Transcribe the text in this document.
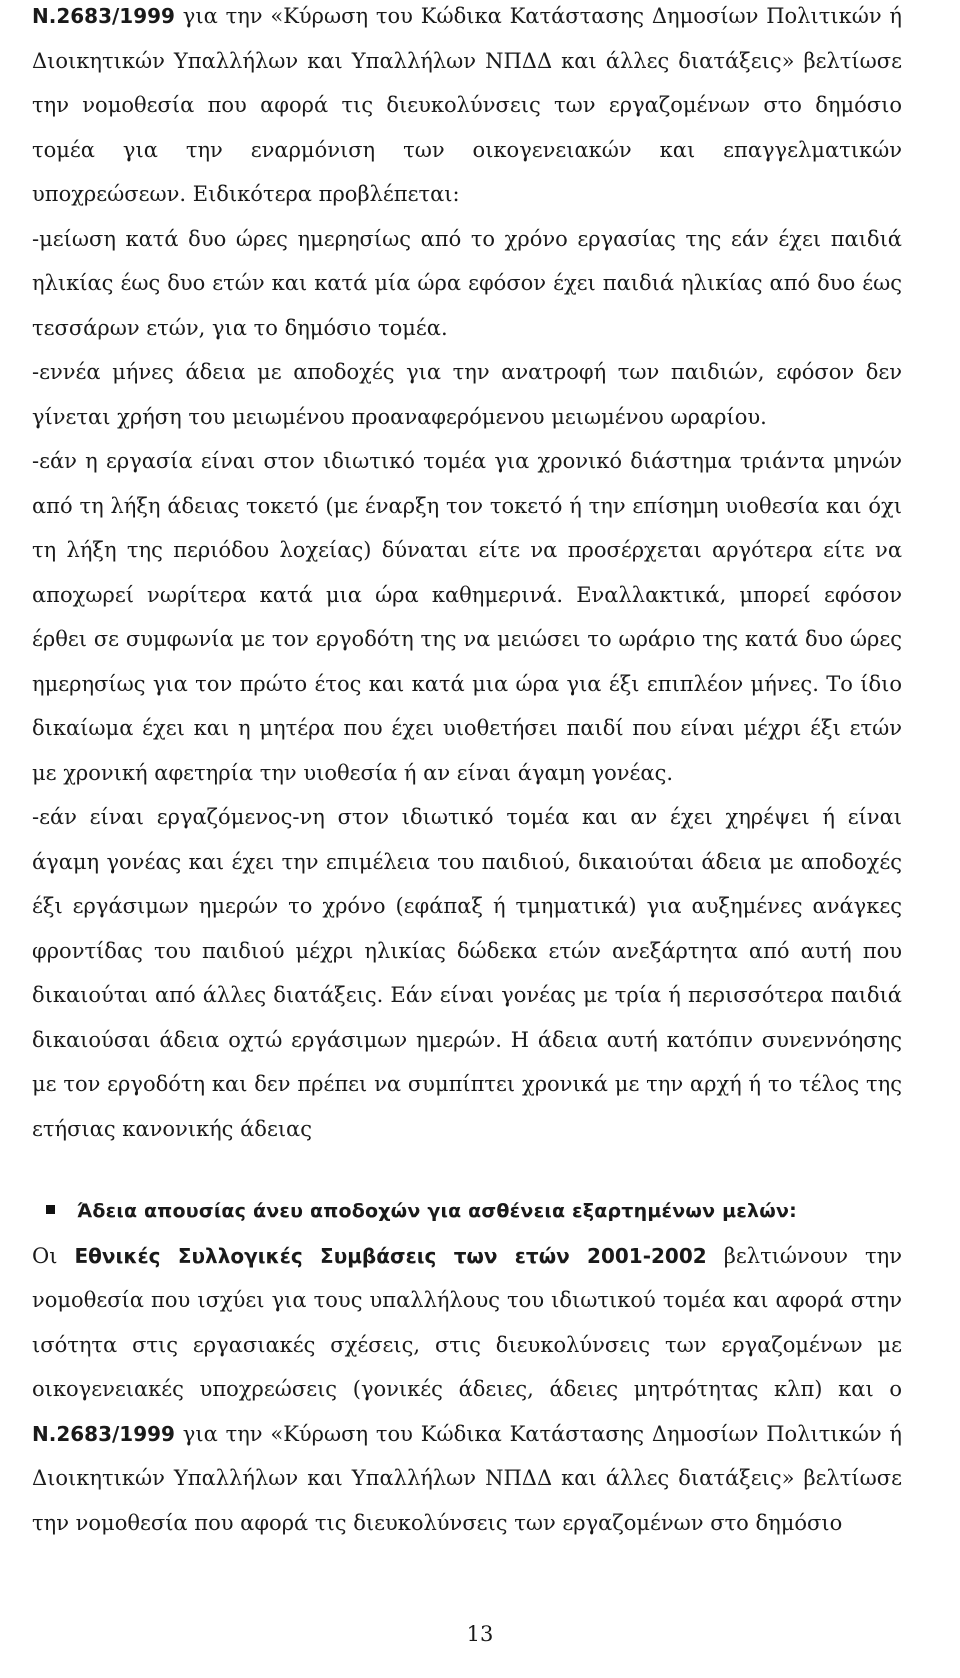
Ν.2683/1999 για την «Κύρωση του Κώδικα Κατάστασης Δημοσίων Πολιτικών ή Διοικητικών Υπαλλήλων και Υπαλλήλων ΝΠΔΔ και άλλες διατάξεις» βελτίωσε την νομοθεσία που αφορά τις διευκολύνσεις των εργαζομένων στο δημόσιο τομέα για την εναρμόνιση των οικογενειακών και επαγγελματικών υποχρεώσεων. Ειδικότερα προβλέπεται:

-μείωση κατά δυο ώρες ημερησίως από το χρόνο εργασίας της εάν έχει παιδιά ηλικίας έως δυο ετών και κατά μία ώρα εφόσον έχει παιδιά ηλικίας από δυο έως τεσσάρων ετών, για το δημόσιο τομέα.

-εννέα μήνες άδεια με αποδοχές για την ανατροφή των παιδιών, εφόσον δεν γίνεται χρήση του μειωμένου προαναφερόμενου μειωμένου ωραρίου.

-εάν η εργασία είναι στον ιδιωτικό τομέα για χρονικό διάστημα τριάντα μηνών από τη λήξη άδειας τοκετό (με έναρξη τον τοκετό ή την επίσημη υιοθεσία και όχι τη λήξη της περιόδου λοχείας) δύναται είτε να προσέρχεται αργότερα είτε να αποχωρεί νωρίτερα κατά μια ώρα καθημερινά. Εναλλακτικά, μπορεί εφόσον έρθει σε συμφωνία με τον εργοδότη της να μειώσει το ωράριο της κατά δυο ώρες ημερησίως για τον πρώτο έτος και κατά μια ώρα για έξι επιπλέον μήνες. Το ίδιο δικαίωμα έχει και η μητέρα που έχει υιοθετήσει παιδί που είναι μέχρι έξι ετών με χρονική αφετηρία την υιοθεσία ή αν είναι άγαμη γονέας.

-εάν είναι εργαζόμενος-νη στον ιδιωτικό τομέα και αν έχει χηρέψει ή είναι άγαμη γονέας και έχει την επιμέλεια του παιδιού, δικαιούται άδεια με αποδοχές έξι εργάσιμων ημερών το χρόνο (εφάπαξ ή τμηματικά) για αυξημένες ανάγκες φροντίδας του παιδιού μέχρι ηλικίας δώδεκα ετών ανεξάρτητα από αυτή που δικαιούται από άλλες διατάξεις. Εάν είναι γονέας με τρία ή περισσότερα παιδιά δικαιούσαι άδεια οχτώ εργάσιμων ημερών. Η άδεια αυτή κατόπιν συνεννόησης με τον εργοδότη και δεν πρέπει να συμπίπτει χρονικά με την αρχή ή το τέλος της ετήσιας κανονικής άδειας

Άδεια απουσίας άνευ αποδοχών για ασθένεια εξαρτημένων μελών:

Οι Εθνικές Συλλογικές Συμβάσεις των ετών 2001-2002 βελτιώνουν την νομοθεσία που ισχύει για τους υπαλλήλους του ιδιωτικού τομέα και αφορά στην ισότητα στις εργασιακές σχέσεις, στις διευκολύνσεις των εργαζομένων με οικογενειακές υποχρεώσεις (γονικές άδειες, άδειες μητρότητας κλπ) και ο Ν.2683/1999 για την «Κύρωση του Κώδικα Κατάστασης Δημοσίων Πολιτικών ή Διοικητικών Υπαλλήλων και Υπαλλήλων ΝΠΔΔ και άλλες διατάξεις» βελτίωσε την νομοθεσία που αφορά τις διευκολύνσεις των εργαζομένων στο δημόσιο

13
